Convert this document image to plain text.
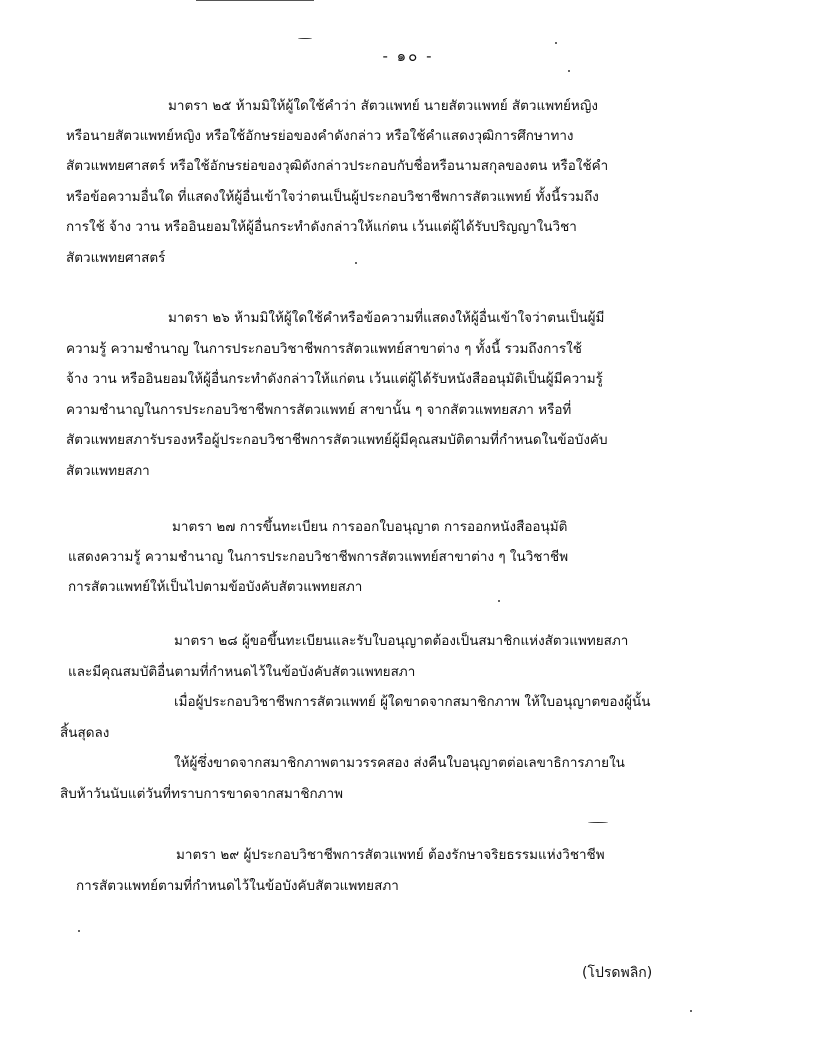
- ๑๐ -
มาตรา ๒๕ ห้ามมิให้ผู้ใดใช้คำว่า สัตวแพทย์ นายสัตวแพทย์ สัตวแพทย์หญิง
หรือนายสัตวแพทย์หญิง หรือใช้อักษรย่อของคำดังกล่าว หรือใช้คำแสดงวุฒิการศึกษาทาง
สัตวแพทยศาสตร์ หรือใช้อักษรย่อของวุฒิดังกล่าวประกอบกับชื่อหรือนามสกุลของตน หรือใช้คำ
หรือข้อความอื่นใด ที่แสดงให้ผู้อื่นเข้าใจว่าตนเป็นผู้ประกอบวิชาชีพการสัตวแพทย์ ทั้งนี้รวมถึง
การใช้ จ้าง วาน หรืออินยอมให้ผู้อื่นกระทำดังกล่าวให้แก่ตน เว้นแต่ผู้ได้รับปริญญาในวิชา
สัตวแพทยศาสตร์
มาตรา ๒๖ ห้ามมิให้ผู้ใดใช้คำหรือข้อความที่แสดงให้ผู้อื่นเข้าใจว่าตนเป็นผู้มี
ความรู้ ความชำนาญ ในการประกอบวิชาชีพการสัตวแพทย์สาขาต่าง ๆ ทั้งนี้ รวมถึงการใช้
จ้าง วาน หรืออินยอมให้ผู้อื่นกระทำดังกล่าวให้แก่ตน เว้นแต่ผู้ได้รับหนังสืออนุมัติเป็นผู้มีความรู้
ความชำนาญในการประกอบวิชาชีพการสัตวแพทย์ สาขานั้น ๆ จากสัตวแพทยสภา หรือที่
สัตวแพทยสภารับรองหรือผู้ประกอบวิชาชีพการสัตวแพทย์ผู้มีคุณสมบัติตามที่กำหนดในข้อบังคับ
สัตวแพทยสภา
มาตรา ๒๗ การขึ้นทะเบียน การออกใบอนุญาต การออกหนังสืออนุมัติ
แสดงความรู้ ความชำนาญ ในการประกอบวิชาชีพการสัตวแพทย์สาขาต่าง ๆ ในวิชาชีพ
การสัตวแพทย์ให้เป็นไปตามข้อบังคับสัตวแพทยสภา
มาตรา ๒๘ ผู้ขอขึ้นทะเบียนและรับใบอนุญาตต้องเป็นสมาชิกแห่งสัตวแพทยสภา
และมีคุณสมบัติอื่นตามที่กำหนดไว้ในข้อบังคับสัตวแพทยสภา
เมื่อผู้ประกอบวิชาชีพการสัตวแพทย์ ผู้ใดขาดจากสมาชิกภาพ ให้ใบอนุญาตของผู้นั้น
สิ้นสุดลง
ให้ผู้ซึ่งขาดจากสมาชิกภาพตามวรรคสอง ส่งคืนใบอนุญาตต่อเลขาธิการภายใน
สิบห้าวันนับแต่วันที่ทราบการขาดจากสมาชิกภาพ
มาตรา ๒๙ ผู้ประกอบวิชาชีพการสัตวแพทย์ ต้องรักษาจริยธรรมแห่งวิชาชีพ
การสัตวแพทย์ตามที่กำหนดไว้ในข้อบังคับสัตวแพทยสภา
(โปรดพลิก)
